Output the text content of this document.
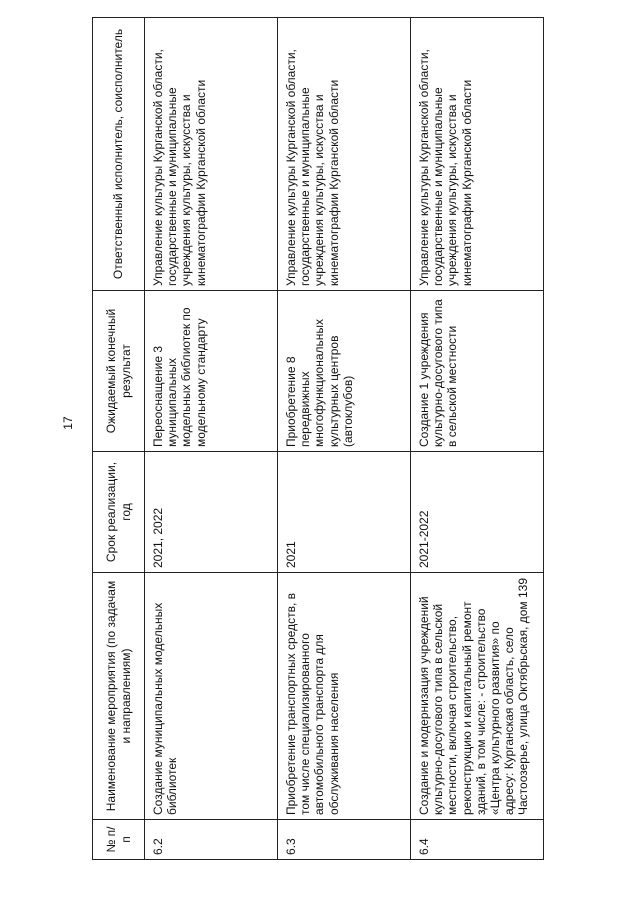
17
№ п/п	Наименование мероприятия (по задачам и направлениям)	Срок реализации, год	Ожидаемый конечный результат	Ответственный исполнитель, соисполнитель
6.2	Создание муниципальных модельных библиотек	2021, 2022	Переоснащение 3 муниципальных модельных библиотек по модельному стандарту	Управление культуры Курганской области, государственные и муниципальные учреждения культуры, искусства и кинематографии Курганской области
6.3	Приобретение транспортных средств, в том числе специализированного автомобильного транспорта для обслуживания населения	2021	Приобретение 8 передвижных многофункциональных культурных центров (автоклубов)	Управление культуры Курганской области, государственные и муниципальные учреждения культуры, искусства и кинематографии Курганской области
6.4	Создание и модернизация учреждений культурно-досугового типа в сельской местности, включая строительство, реконструкцию и капитальный ремонт зданий, в том числе: - строительство «Центра культурного развития» по адресу: Курганская область, село Частоозерье, улица Октябрьская, дом 139	2021-2022	Создание 1 учреждения культурно-досугового типа в сельской местности	Управление культуры Курганской области, государственные и муниципальные учреждения культуры, искусства и кинематографии Курганской области
